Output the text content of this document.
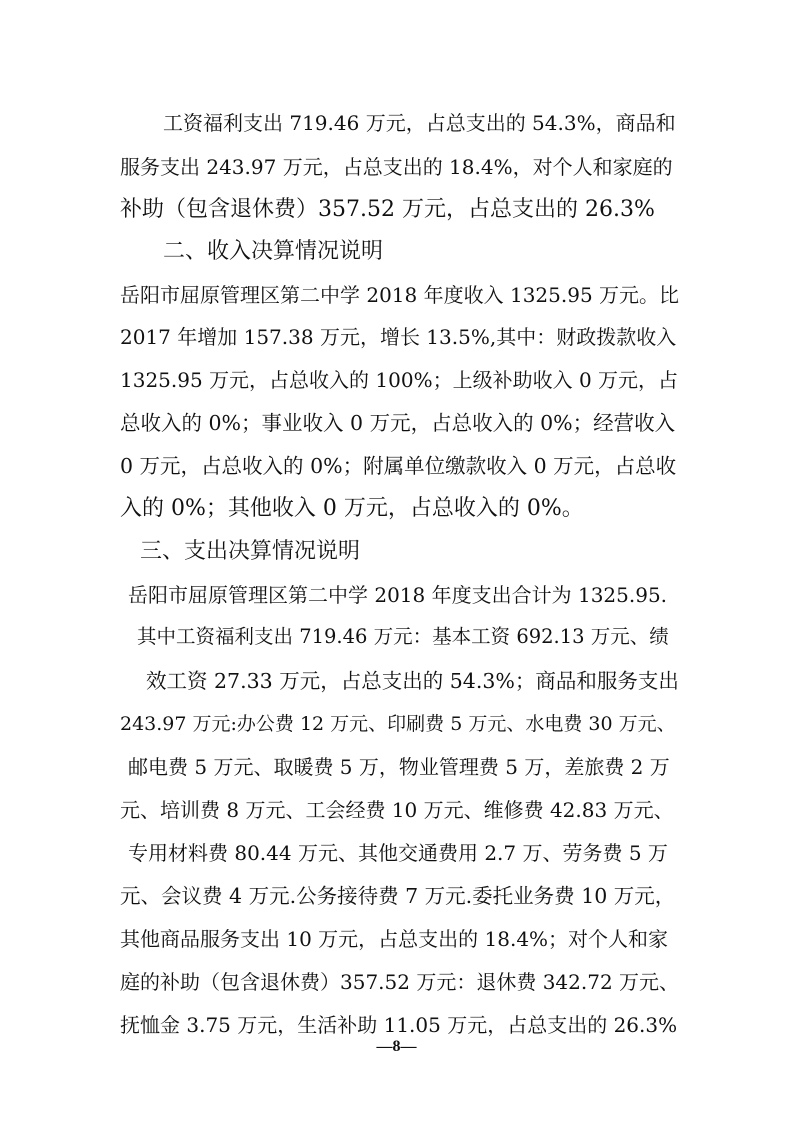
工资福利支出 719.46 万元，占总支出的 54.3%，商品和
服务支出 243.97 万元，占总支出的 18.4%，对个人和家庭的
补助（包含退休费）357.52 万元，占总支出的 26.3%
二、收入决算情况说明
岳阳市屈原管理区第二中学 2018 年度收入 1325.95 万元。比
2017 年增加 157.38 万元，增长 13.5%,其中：财政拨款收入
1325.95 万元，占总收入的 100%；上级补助收入 0 万元，占
总收入的 0%；事业收入 0 万元，占总收入的 0%；经营收入
0 万元，占总收入的 0%；附属单位缴款收入 0 万元，占总收
入的 0%；其他收入 0 万元，占总收入的 0%。
三、支出决算情况说明
岳阳市屈原管理区第二中学 2018 年度支出合计为 1325.95.
其中工资福利支出 719.46 万元：基本工资 692.13 万元、绩
效工资 27.33 万元，占总支出的 54.3%；商品和服务支出
243.97 万元:办公费 12 万元、印刷费 5 万元、水电费 30 万元、
邮电费 5 万元、取暖费 5 万，物业管理费 5 万，差旅费 2 万
元、培训费 8 万元、工会经费 10 万元、维修费 42.83 万元、
专用材料费 80.44 万元、其他交通费用 2.7 万、劳务费 5 万
元、会议费 4 万元.公务接待费 7 万元.委托业务费 10 万元，
其他商品服务支出 10 万元，占总支出的 18.4%；对个人和家
庭的补助（包含退休费）357.52 万元：退休费 342.72 万元、
抚恤金 3.75 万元，生活补助 11.05 万元，占总支出的 26.3%
—8—
